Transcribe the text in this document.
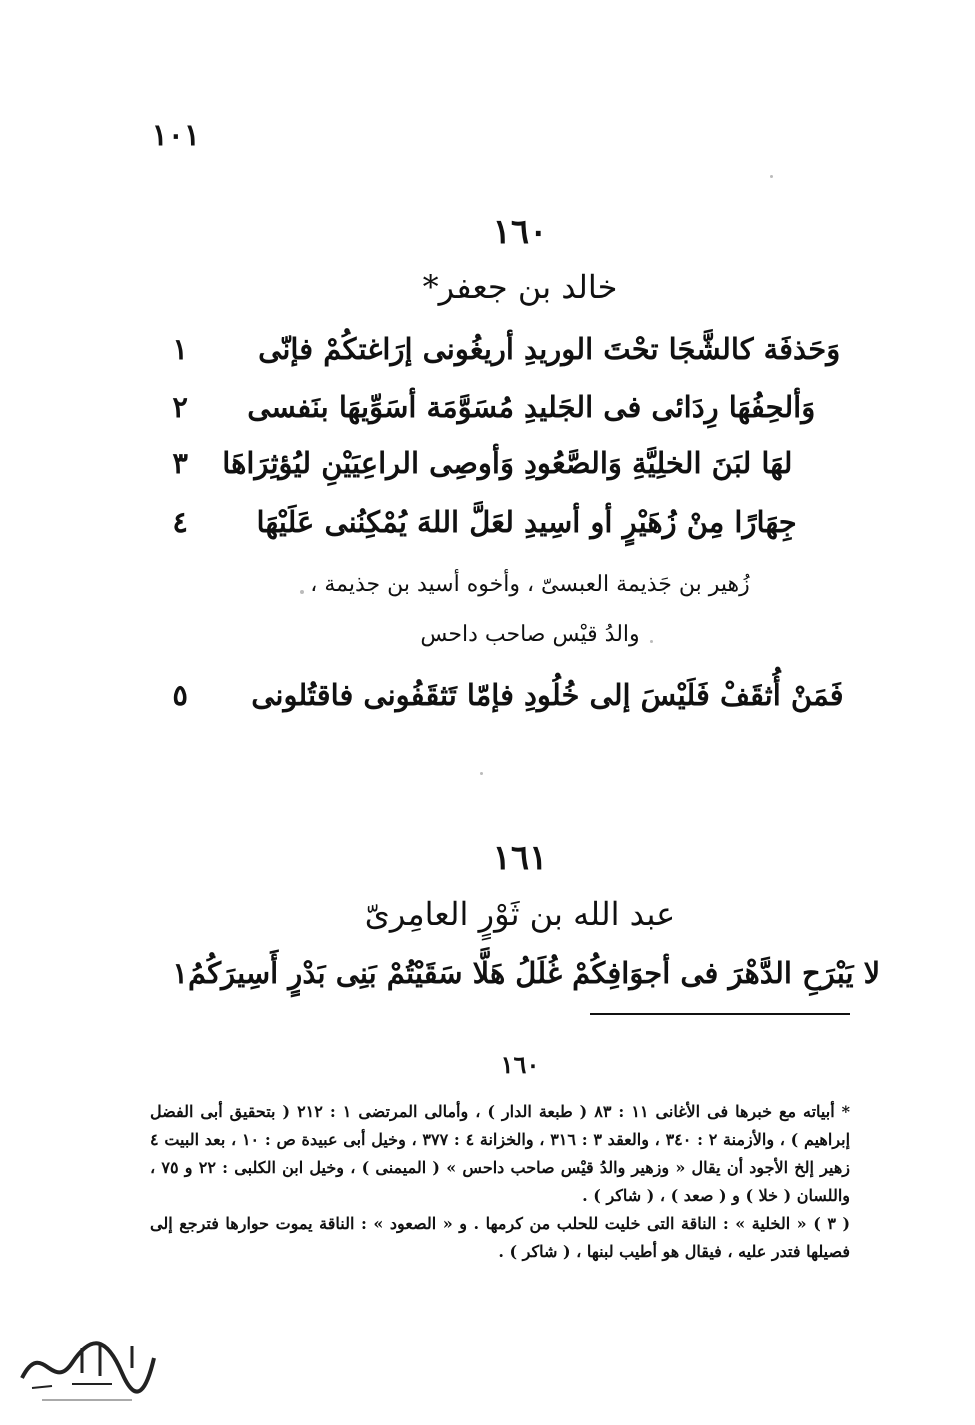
١٠١
١٦٠
خالد بن جعفر*
١	أريغُونى إرَاغتكُمْ فإنّى وَحَذفَة كالشَّجَا تحْتَ الوريدِ
٢	مُسَوَّمَة أسَوِّيهَا بنَفسى وَألحِفُهَا رِدَائى فى الجَليدِ
٣	وَأوصِى الراعِيَيْنِ ليُؤثِرَاهَا لهَا لبَنَ الخلِيَّةِ وَالصَّعُودِ
٤	لعَلَّ اللهَ يُمْكِنُنى عَلَيْهَا جِهَارًا مِنْ زُهَيْرٍ أو أسِيدِ
زُهير بن جَذيمة العبسىّ ، وأخوه أسيد بن جذيمة ،
والدُ قيْس صاحب داحس
٥	فإمّا تَثقَفُونى فاقتُلونى فَمَنْ أُثقَفْ فَلَيْسَ إلى خُلُودِ
١٦١
عبد الله بن ثَوْرٍ العامِرىّ
١ هَلَّا سَقَيْتُمْ بَنِى بَدْرٍ أَسِيرَكُمُ لا يَبْرَحِ الدَّهْرَ فى أجوَافِكُمْ غُلَلُ
١٦٠

* أبياته مع خبرها فى الأغانى ١١ : ٨٣ ( طبعة الدار ) ، وأمالى المرتضى ١ : ٢١٢ ( بتحقيق أبى الفضل إبراهيم ) ، والأزمنة ٢ : ٣٤٠ ، والعقد ٣ : ٣١٦ ، والخزانة ٤ : ٣٧٧ ، وخيل أبى عبيدة ص : ١٠ ، بعد البيت ٤ زهير إلخ الأجود أن يقال « وزهير والدُ قيْس صاحب داحس » ( الميمنى ) ، وخيل ابن الكلبى : ٢٢ و ٧٥ ، واللسان ( خلا ) و ( صعد ) ، ( شاكر ) .

( ٣ ) « الخلية » : الناقة التى خليت للحلب من كرمها . و « الصعود » : الناقة يموت حوارها فترجع إلى فصيلها فتدر عليه ، فيقال هو أطيب لبنها ، ( شاكر ) .
